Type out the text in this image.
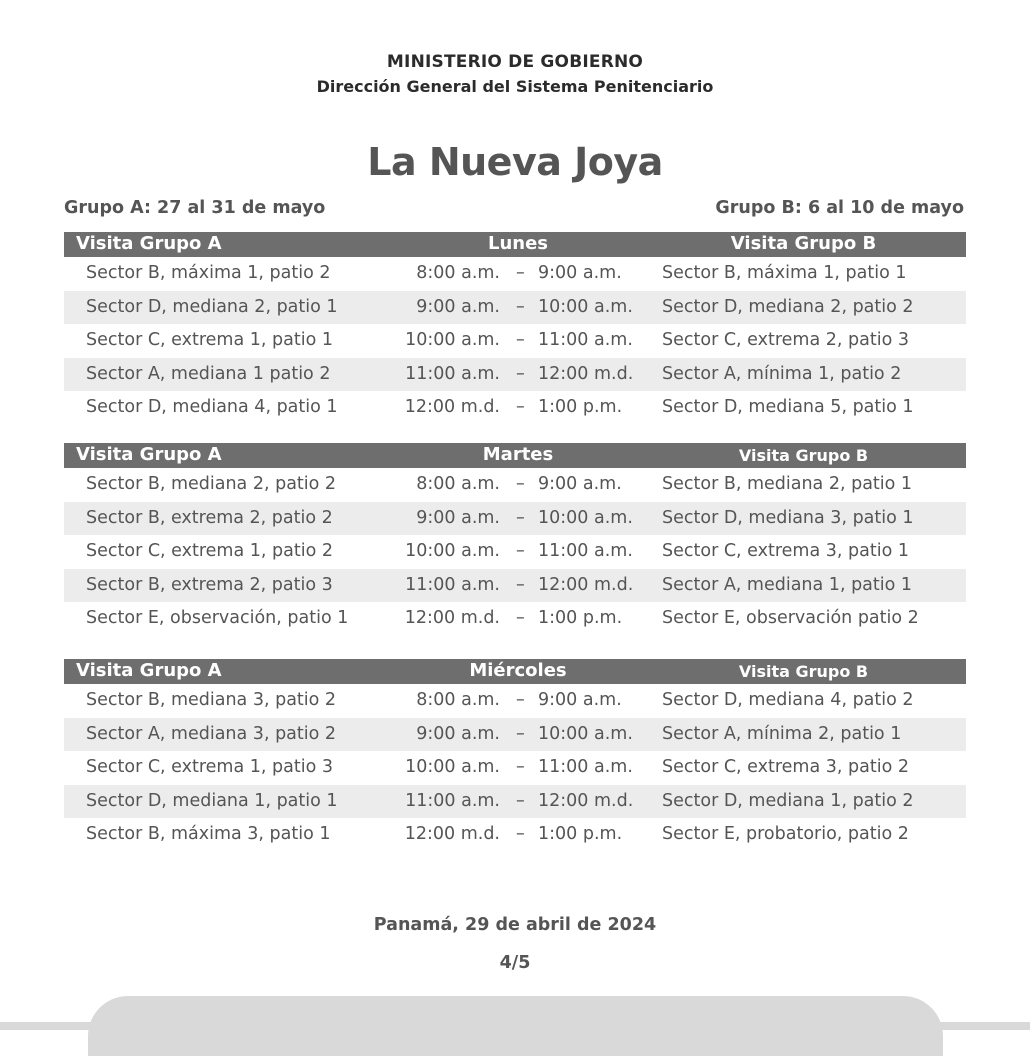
MINISTERIO DE GOBIERNO
Dirección General del Sistema Penitenciario
La Nueva Joya
Grupo A: 27 al 31 de mayo	Grupo B: 6 al 10 de mayo
Visita Grupo A	Lunes	Visita Grupo B
Sector B, máxima 1, patio 2	8:00 a.m. – 9:00 a.m. Sector B, máxima 1, patio 1
Sector D, mediana 2, patio 1	9:00 a.m. – 10:00 a.m. Sector D, mediana 2, patio 2
Sector C, extrema 1, patio 1	10:00 a.m. – 11:00 a.m. Sector C, extrema 2, patio 3
Sector A, mediana 1 patio 2	11:00 a.m. – 12:00 m.d. Sector A, mínima 1, patio 2
Sector D, mediana 4, patio 1	12:00 m.d. – 1:00 p.m. Sector D, mediana 5, patio 1
Visita Grupo A	Martes	Visita Grupo B
Sector B, mediana 2, patio 2	8:00 a.m. – 9:00 a.m. Sector B, mediana 2, patio 1
Sector B, extrema 2, patio 2	9:00 a.m. – 10:00 a.m. Sector D, mediana 3, patio 1
Sector C, extrema 1, patio 2	10:00 a.m. – 11:00 a.m. Sector C, extrema 3, patio 1
Sector B, extrema 2, patio 3	11:00 a.m. – 12:00 m.d. Sector A, mediana 1, patio 1
Sector E, observación, patio 1	12:00 m.d. – 1:00 p.m. Sector E, observación patio 2
Visita Grupo A	Miércoles	Visita Grupo B
Sector B, mediana 3, patio 2	8:00 a.m. – 9:00 a.m. Sector D, mediana 4, patio 2
Sector A, mediana 3, patio 2	9:00 a.m. – 10:00 a.m. Sector A, mínima 2, patio 1
Sector C, extrema 1, patio 3	10:00 a.m. – 11:00 a.m. Sector C, extrema 3, patio 2
Sector D, mediana 1, patio 1	11:00 a.m. – 12:00 m.d. Sector D, mediana 1, patio 2
Sector B, máxima 3, patio 1	12:00 m.d. – 1:00 p.m. Sector E, probatorio, patio 2
Panamá, 29 de abril de 2024
4/5
